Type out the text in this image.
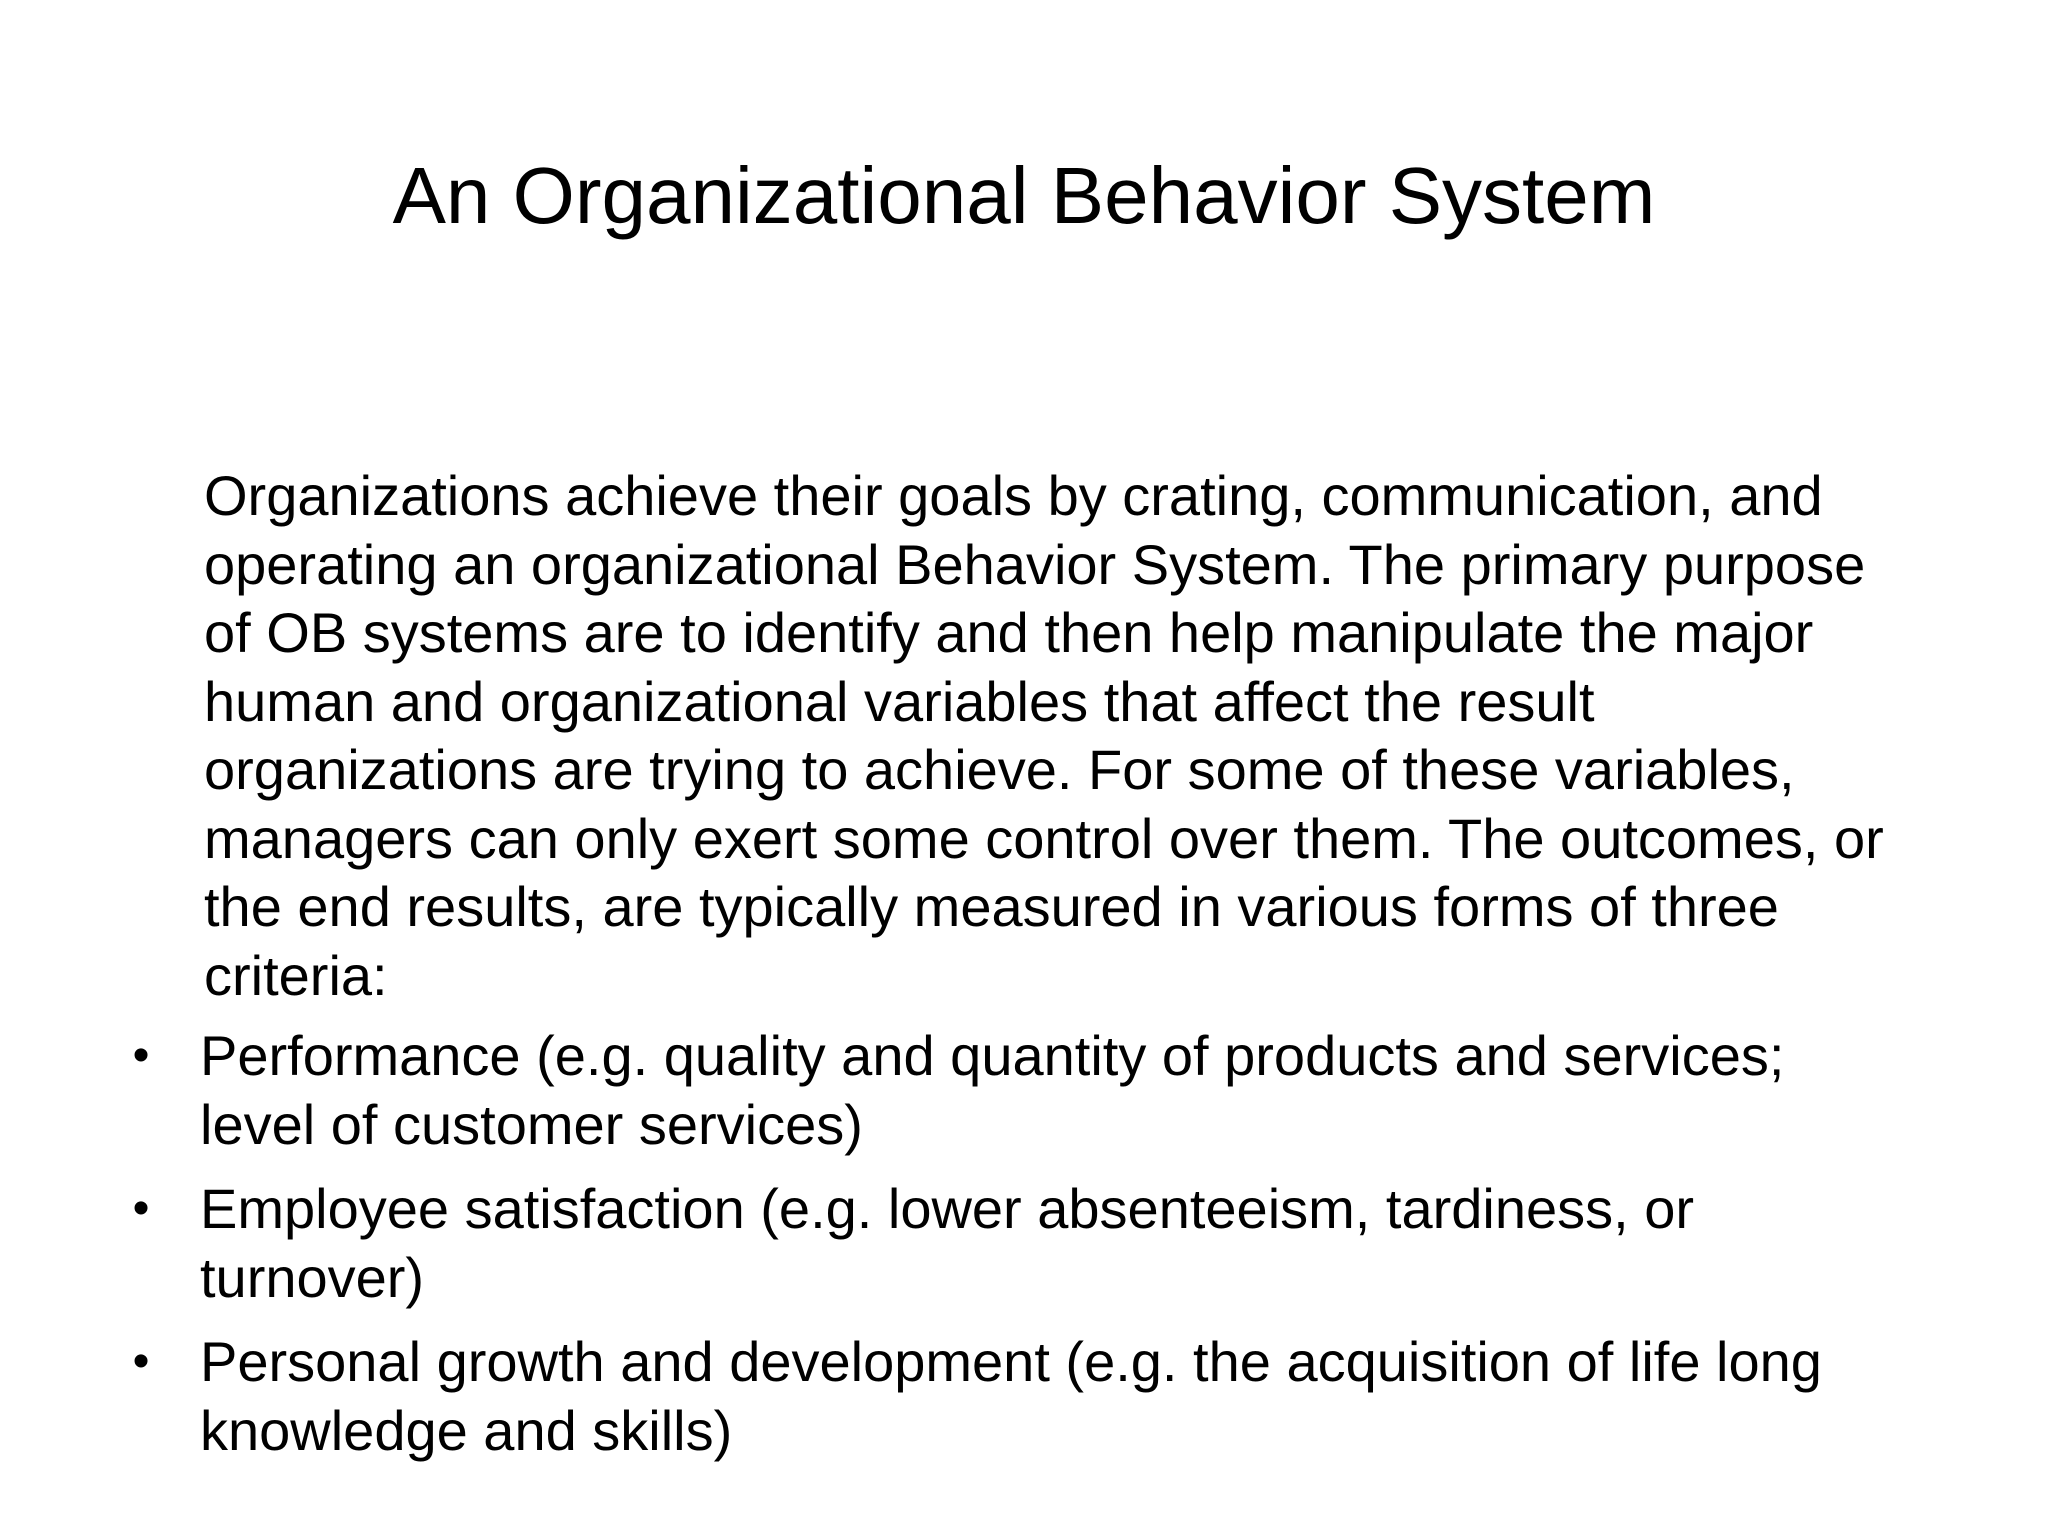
An Organizational Behavior System

Organizations achieve their goals by crating, communication, and
operating an organizational Behavior System. The primary purpose
of OB systems are to identify and then help manipulate the major
human and organizational variables that affect the result
organizations are trying to achieve. For some of these variables,
managers can only exert some control over them. The outcomes, or
the end results, are typically measured in various forms of three
criteria:

• Performance (e.g. quality and quantity of products and services;
level of customer services)
• Employee satisfaction (e.g. lower absenteeism, tardiness, or
turnover)
• Personal growth and development (e.g. the acquisition of life long
knowledge and skills)
